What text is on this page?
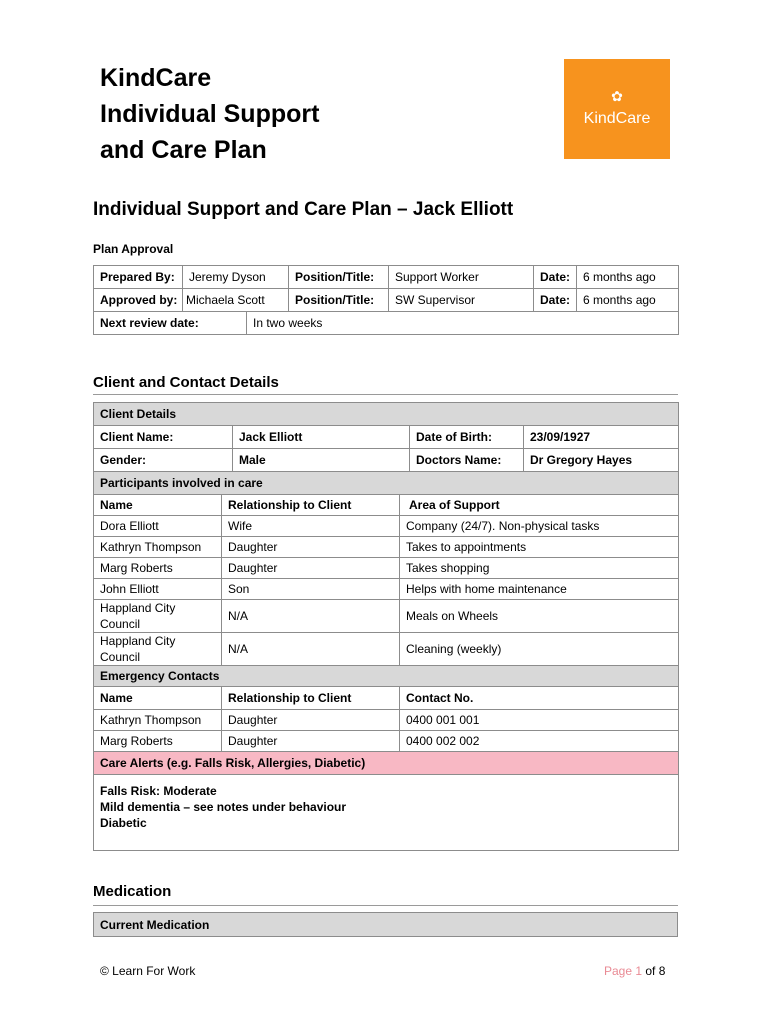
KindCare
Individual Support
and Care Plan
✿
KindCare
Individual Support and Care Plan – Jack Elliott
Plan Approval
Prepared By:	Jeremy Dyson		Position/Title:	Support Worker	Date:	6 months ago
Approved by:	Michaela Scott		Position/Title:	SW Supervisor	Date:	6 months ago
Next review date:		In two weeks				
Client and Contact Details
Client Details					
Client Name:		Jack Elliott		Date of Birth:	23/09/1927
Gender:		Male		Doctors Name:	Dr Gregory Hayes
Participants involved in care					
Name	Relationship to Client		Area of Support		
Dora Elliott	Wife		Company (24/7). Non-physical tasks		
Kathryn Thompson	Daughter		Takes to appointments		
Marg Roberts	Daughter		Takes shopping		
John Elliott	Son		Helps with home maintenance		
Happland City Council	N/A		Meals on Wheels		
Happland City Council	N/A		Cleaning (weekly)		
Emergency Contacts					
Name	Relationship to Client		Contact No.		
Kathryn Thompson	Daughter		0400 001 001		
Marg Roberts	Daughter		0400 002 002		
Care Alerts (e.g. Falls Risk, Allergies, Diabetic)					

Falls Risk: Moderate
Mild dementia – see notes under behaviour
Diabetic					
Medication
Current Medication
© Learn For Work	Page 1 of 8
